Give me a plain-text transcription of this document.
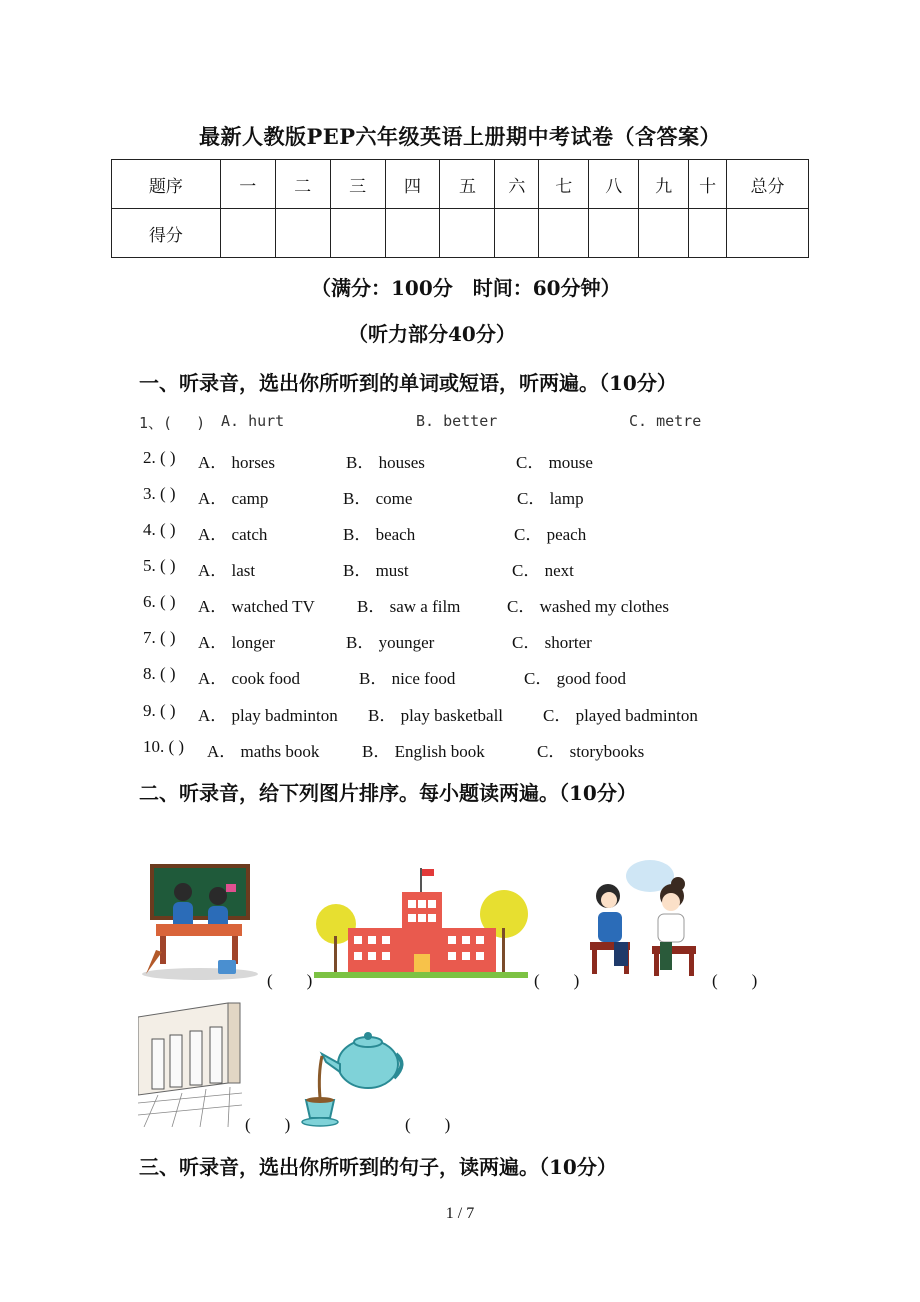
最新人教版PEP六年级英语上册期中考试卷（含答案）
题序	一	二	三	四	五	六	七	八	九	十	总分
得分											
（满分：100分　时间：60分钟）
（听力部分40分）
一、听录音，选出你所听到的单词或短语，听两遍。（10分）
1、(　 ) A. hurt	B. better	C. metre
2. ( ) A． horses	B． houses	C． mouse
3. ( ) A． camp	B． come	C． lamp
4. ( ) A． catch	B． beach	C． peach
5. ( ) A． last	B． must	C． next
6. ( ) A． watched TV B． saw a film	C． washed my clothes
7. ( ) A． longer	B． younger	C． shorter
8. ( ) A． cook food	B． nice food	C． good food
9. ( ) A． play badminton B． play basketball C． played badminton
10. ( ) A． maths book	B． English book	C． storybooks
二、听录音，给下列图片排序。每小题读两遍。（10分）
(　　)	(　　)	(　　)
(　　)	(　　)
三、听录音，选出你所听到的句子，读两遍。（10分）
1 / 7
